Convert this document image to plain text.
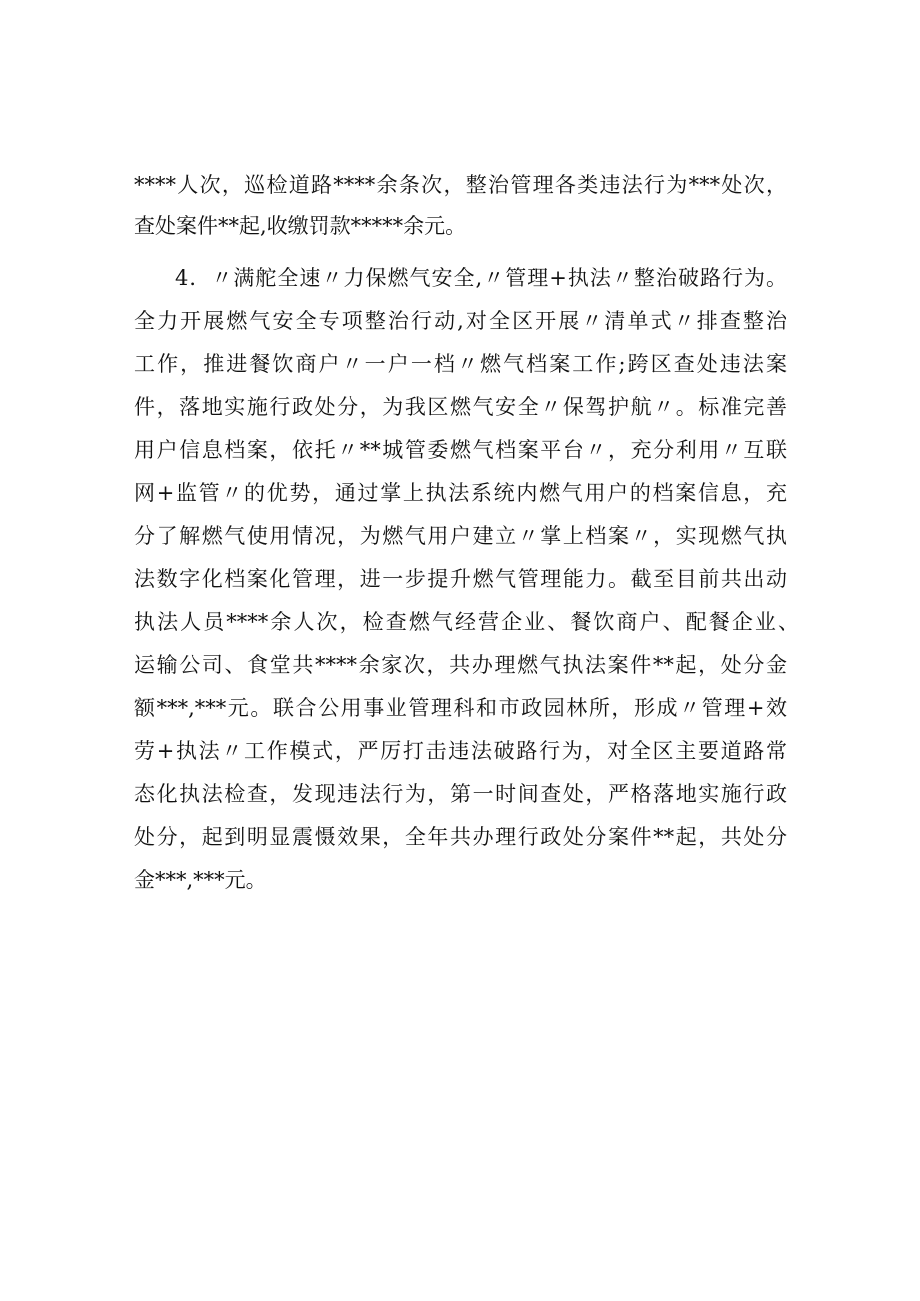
****人次，巡检道路****余条次，整治管理各类违法行为***处次，
查处案件**起,收缴罚款*****余元。
4．〃满舵全速〃力保燃气安全,〃管理+执法〃整治破路行为。
全力开展燃气安全专项整治行动,对全区开展〃清单式〃排查整治
工作，推进餐饮商户〃一户一档〃燃气档案工作;跨区查处违法案
件，落地实施行政处分，为我区燃气安全〃保驾护航〃。标准完善
用户信息档案，依托〃**城管委燃气档案平台〃，充分利用〃互联
网+监管〃的优势，通过掌上执法系统内燃气用户的档案信息，充
分了解燃气使用情况，为燃气用户建立〃掌上档案〃，实现燃气执
法数字化档案化管理，进一步提升燃气管理能力。截至目前共出动
执法人员****余人次，检查燃气经营企业、餐饮商户、配餐企业、
运输公司、食堂共****余家次，共办理燃气执法案件**起，处分金
额***,***元。联合公用事业管理科和市政园林所，形成〃管理+效
劳+执法〃工作模式，严厉打击违法破路行为，对全区主要道路常
态化执法检查，发现违法行为，第一时间查处，严格落地实施行政
处分，起到明显震慑效果，全年共办理行政处分案件**起，共处分
金***,***元。
